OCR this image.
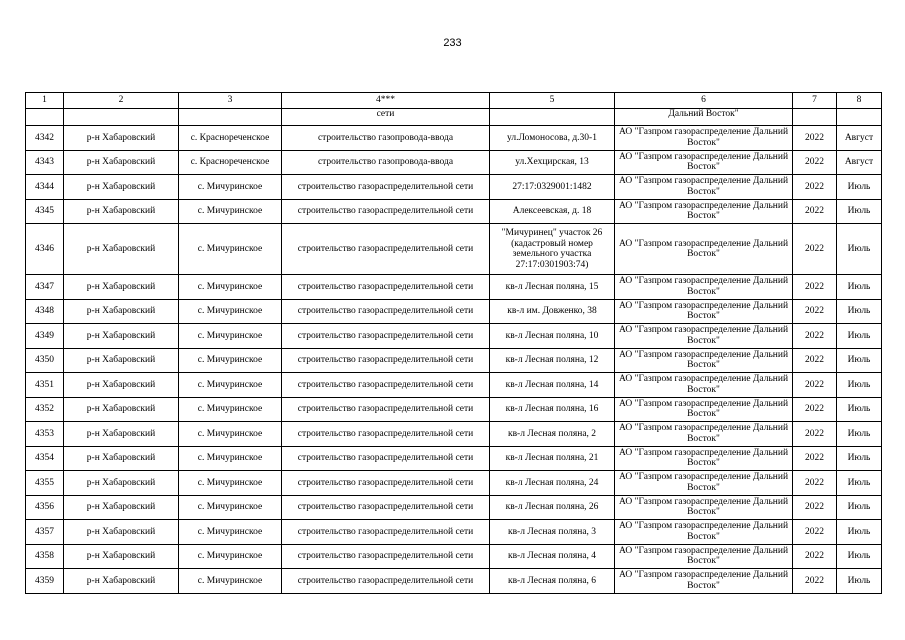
233
1	2	3	4***	5	6	7	8
			сети		Дальний Восток"		
4342	р-н Хабаровский	с. Краснореченское	строительство газопровода-ввода	ул.Ломоносова, д.30-1	АО "Газпром газораспределение Дальний Восток"	2022	Август
4343	р-н Хабаровский	с. Краснореченское	строительство газопровода-ввода	ул.Хехцирская, 13	АО "Газпром газораспределение Дальний Восток"	2022	Август
4344	р-н Хабаровский	с. Мичуринское	строительство газораспределительной сети	27:17:0329001:1482	АО "Газпром газораспределение Дальний Восток"	2022	Июль
4345	р-н Хабаровский	с. Мичуринское	строительство газораспределительной сети	Алексеевская, д. 18	АО "Газпром газораспределение Дальний Восток"	2022	Июль
4346	р-н Хабаровский	с. Мичуринское	строительство газораспределительной сети	"Мичуринец" участок 26 (кадастровый номер земельного участка 27:17:0301903:74)	АО "Газпром газораспределение Дальний Восток"	2022	Июль
4347	р-н Хабаровский	с. Мичуринское	строительство газораспределительной сети	кв-л Лесная поляна, 15	АО "Газпром газораспределение Дальний Восток"	2022	Июль
4348	р-н Хабаровский	с. Мичуринское	строительство газораспределительной сети	кв-л им. Довженко, 38	АО "Газпром газораспределение Дальний Восток"	2022	Июль
4349	р-н Хабаровский	с. Мичуринское	строительство газораспределительной сети	кв-л Лесная поляна, 10	АО "Газпром газораспределение Дальний Восток"	2022	Июль
4350	р-н Хабаровский	с. Мичуринское	строительство газораспределительной сети	кв-л Лесная поляна, 12	АО "Газпром газораспределение Дальний Восток"	2022	Июль
4351	р-н Хабаровский	с. Мичуринское	строительство газораспределительной сети	кв-л Лесная поляна, 14	АО "Газпром газораспределение Дальний Восток"	2022	Июль
4352	р-н Хабаровский	с. Мичуринское	строительство газораспределительной сети	кв-л Лесная поляна, 16	АО "Газпром газораспределение Дальний Восток"	2022	Июль
4353	р-н Хабаровский	с. Мичуринское	строительство газораспределительной сети	кв-л Лесная поляна, 2	АО "Газпром газораспределение Дальний Восток"	2022	Июль
4354	р-н Хабаровский	с. Мичуринское	строительство газораспределительной сети	кв-л Лесная поляна, 21	АО "Газпром газораспределение Дальний Восток"	2022	Июль
4355	р-н Хабаровский	с. Мичуринское	строительство газораспределительной сети	кв-л Лесная поляна, 24	АО "Газпром газораспределение Дальний Восток"	2022	Июль
4356	р-н Хабаровский	с. Мичуринское	строительство газораспределительной сети	кв-л Лесная поляна, 26	АО "Газпром газораспределение Дальний Восток"	2022	Июль
4357	р-н Хабаровский	с. Мичуринское	строительство газораспределительной сети	кв-л Лесная поляна, 3	АО "Газпром газораспределение Дальний Восток"	2022	Июль
4358	р-н Хабаровский	с. Мичуринское	строительство газораспределительной сети	кв-л Лесная поляна, 4	АО "Газпром газораспределение Дальний Восток"	2022	Июль
4359	р-н Хабаровский	с. Мичуринское	строительство газораспределительной сети	кв-л Лесная поляна, 6	АО "Газпром газораспределение Дальний Восток"	2022	Июль
